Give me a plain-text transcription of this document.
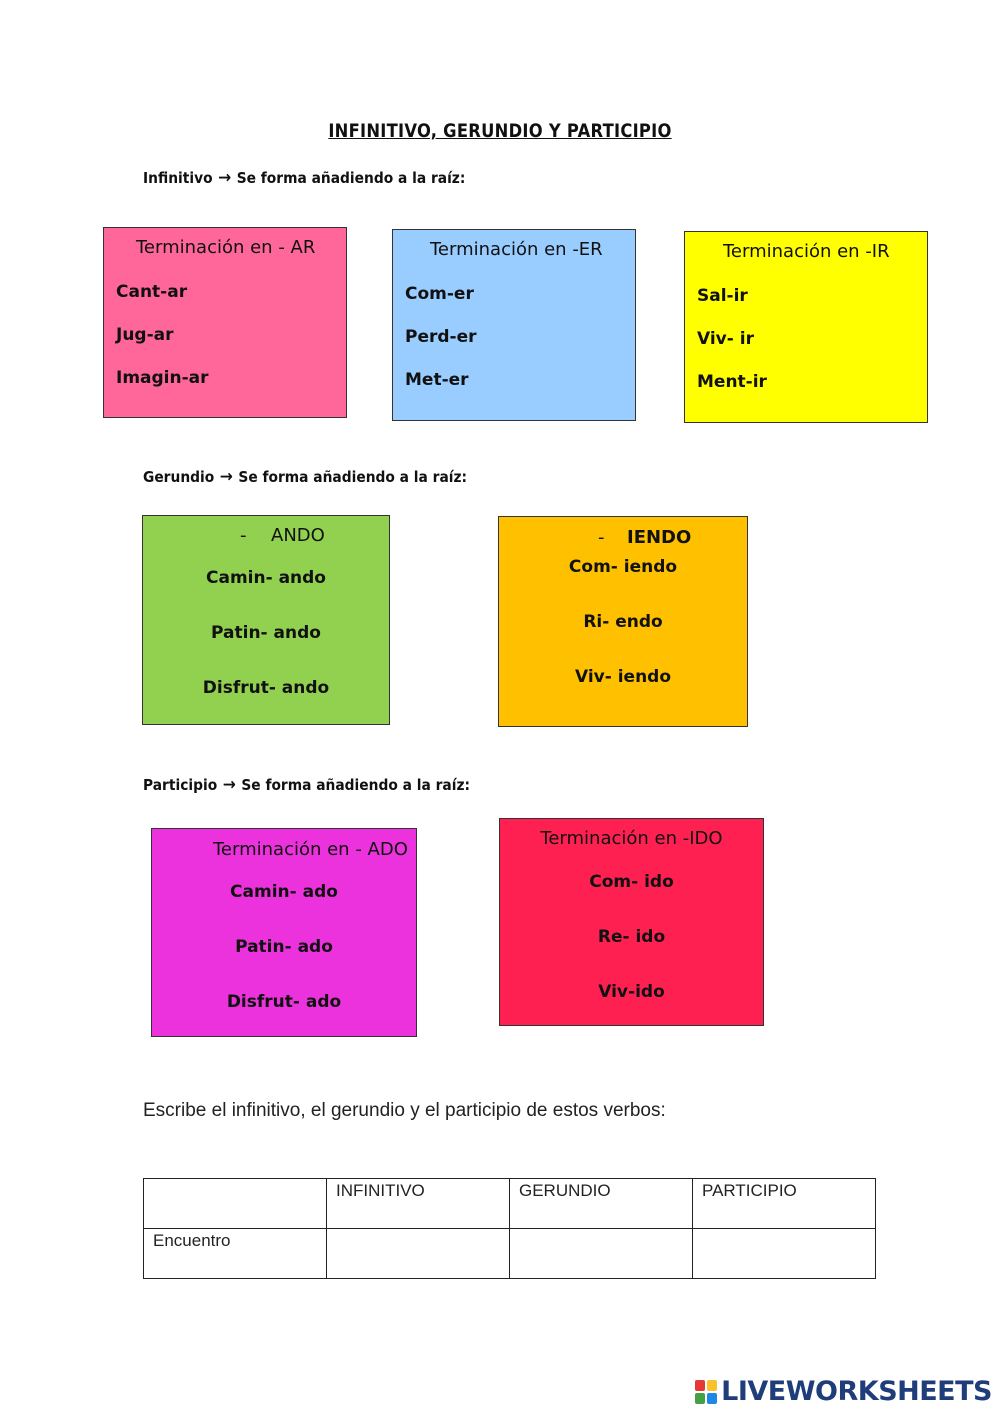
INFINITIVO, GERUNDIO Y PARTICIPIO
Infinitivo → Se forma añadiendo a la raíz:
Terminación en - AR
Cant-ar
Jug-ar
Imagin-ar
Terminación en -ER
Com-er
Perd-er
Met-er
Terminación en -IR
Sal-ir
Viv- ir
Ment-ir
Gerundio → Se forma añadiendo a la raíz:
- ANDO
Camin- ando
Patin- ando
Disfrut- ando
- IENDO
Com- iendo
Ri- endo
Viv- iendo
Participio → Se forma añadiendo a la raíz:
Terminación en - ADO
Camin- ado
Patin- ado
Disfrut- ado
Terminación en -IDO
Com- ido
Re- ido
Viv-ido
Escribe el infinitivo, el gerundio y el participio de estos verbos:
	INFINITIVO	GERUNDIO	PARTICIPIO
Encuentro			
LIVEWORKSHEETS
